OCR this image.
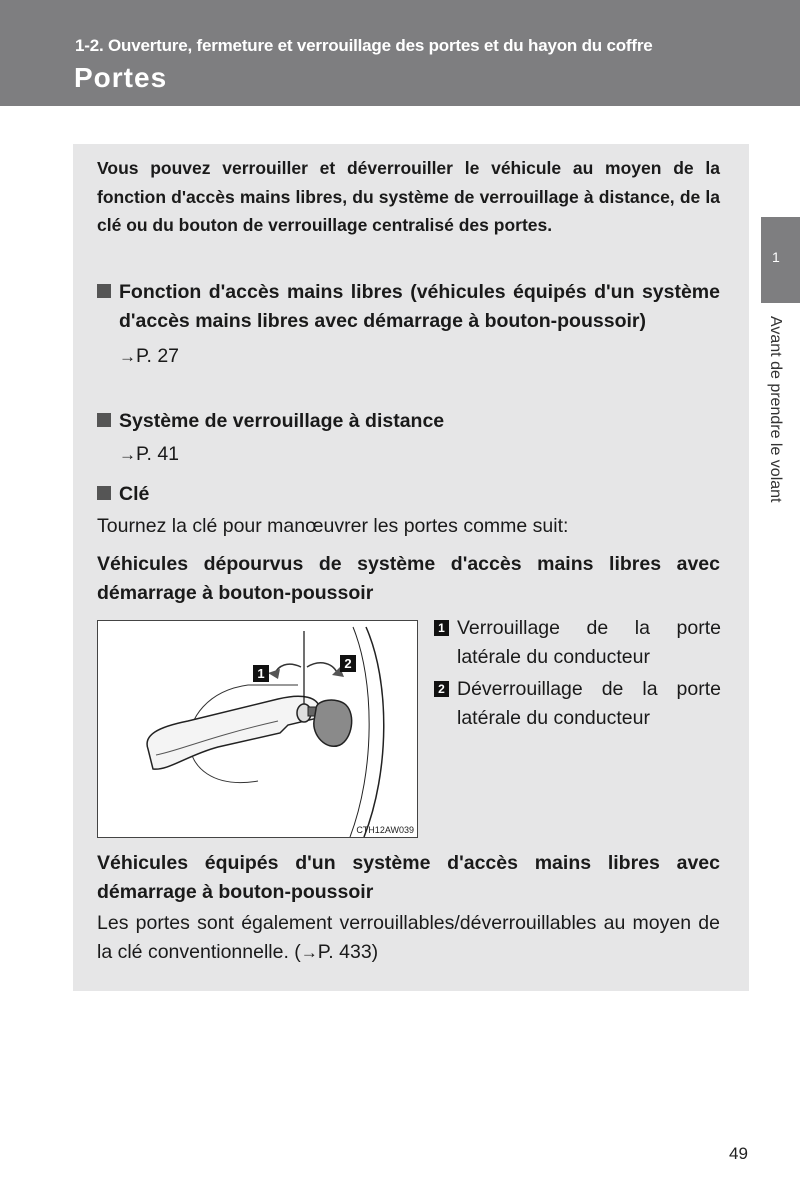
1-2. Ouverture, fermeture et verrouillage des portes et du hayon du coffre
Portes
1
Avant de prendre le volant
Vous pouvez verrouiller et déverrouiller le véhicule au moyen de la fonction d'accès mains libres, du système de verrouillage à distance, de la clé ou du bouton de verrouillage centralisé des portes.
Fonction d'accès mains libres (véhicules équipés d'un système d'accès mains libres avec démarrage à bouton-poussoir)
→P. 27
Système de verrouillage à distance
→P. 41
Clé
Tournez la clé pour manœuvrer les portes comme suit:
Véhicules dépourvus de système d'accès mains libres avec démarrage à bouton-poussoir
1
2
CTH12AW039
1 Verrouillage de la porte latérale du conducteur
2 Déverrouillage de la porte latérale du conducteur
Véhicules équipés d'un système d'accès mains libres avec démarrage à bouton-poussoir
Les portes sont également verrouillables/déverrouillables au moyen de la clé conventionnelle. (→P. 433)
49
